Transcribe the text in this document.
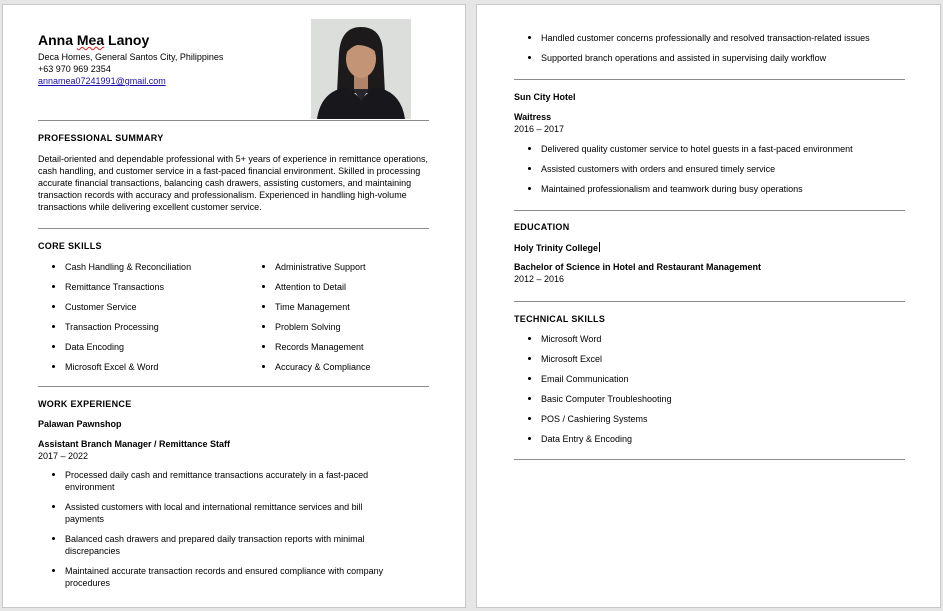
Anna Mea Lanoy
Deca Homes, General Santos City, Philippines
+63 970 969 2354
annamea07241991@gmail.com
PROFESSIONAL SUMMARY
Detail-oriented and dependable professional with 5+ years of experience in remittance operations, cash handling, and customer service in a fast-paced financial environment. Skilled in processing accurate financial transactions, balancing cash drawers, assisting customers, and maintaining transaction records with accuracy and professionalism. Experienced in handling high-volume transactions while delivering excellent customer service.
CORE SKILLS
Cash Handling & Reconciliation
Remittance Transactions
Customer Service
Transaction Processing
Data Encoding
Microsoft Excel & Word
Administrative Support
Attention to Detail
Time Management
Problem Solving
Records Management
Accuracy & Compliance
WORK EXPERIENCE
Palawan Pawnshop
Assistant Branch Manager / Remittance Staff
2017 – 2022
Processed daily cash and remittance transactions accurately in a fast-paced environment
Assisted customers with local and international remittance services and bill payments
Balanced cash drawers and prepared daily transaction reports with minimal discrepancies
Maintained accurate transaction records and ensured compliance with company procedures
Handled customer concerns professionally and resolved transaction-related issues
Supported branch operations and assisted in supervising daily workflow
Sun City Hotel
Waitress
2016 – 2017
Delivered quality customer service to hotel guests in a fast-paced environment
Assisted customers with orders and ensured timely service
Maintained professionalism and teamwork during busy operations
EDUCATION
Holy Trinity College
Bachelor of Science in Hotel and Restaurant Management
2012 – 2016
TECHNICAL SKILLS
Microsoft Word
Microsoft Excel
Email Communication
Basic Computer Troubleshooting
POS / Cashiering Systems
Data Entry & Encoding
